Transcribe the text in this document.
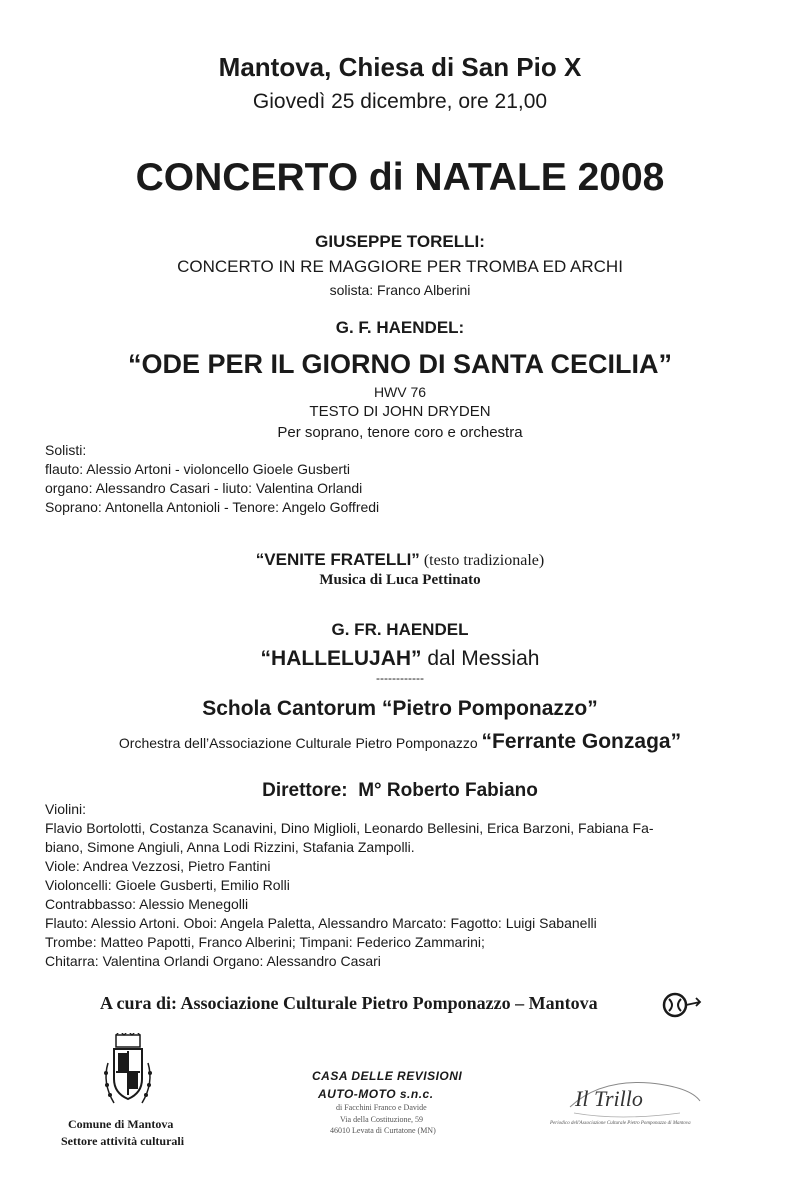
Mantova, Chiesa di San Pio X
Giovedì 25 dicembre, ore 21,00
CONCERTO di NATALE 2008
GIUSEPPE TORELLI:
CONCERTO IN RE MAGGIORE PER TROMBA ED ARCHI
solista: Franco Alberini
G. F. HAENDEL:
“ODE PER IL GIORNO DI SANTA CECILIA”
HWV 76
TESTO DI JOHN DRYDEN
Per soprano, tenore coro e orchestra
Solisti:
flauto: Alessio Artoni - violoncello Gioele Gusberti
organo: Alessandro Casari - liuto: Valentina Orlandi
Soprano: Antonella Antonioli - Tenore: Angelo Goffredi
“VENITE FRATELLI” (testo tradizionale)
Musica di Luca Pettinato
G. FR. HAENDEL
“HALLELUJAH” dal Messiah
------------
Schola Cantorum “Pietro Pomponazzo”
Orchestra dell’Associazione Culturale Pietro Pomponazzo “Ferrante Gonzaga”
Direttore: M° Roberto Fabiano
Violini:
Flavio Bortolotti, Costanza Scanavini, Dino Miglioli, Leonardo Bellesini, Erica Barzoni, Fabiana Fa-
biano, Simone Angiuli, Anna Lodi Rizzini, Stafania Zampolli.
Viole: Andrea Vezzosi, Pietro Fantini
Violoncelli: Gioele Gusberti, Emilio Rolli
Contrabbasso: Alessio Menegolli
Flauto: Alessio Artoni. Oboi: Angela Paletta, Alessandro Marcato: Fagotto: Luigi Sabanelli
Trombe: Matteo Papotti, Franco Alberini; Timpani: Federico Zammarini;
Chitarra: Valentina Orlandi Organo: Alessandro Casari
A cura di: Associazione Culturale Pietro Pomponazzo – Mantova
Comune di Mantova
Settore attività culturali
CASA DELLE REVISIONI
AUTO-MOTO s.n.c.
di Facchini Franco e Davide
Via della Costituzione, 59
46010 Levata di Curtatone (MN)
Il Trillo
Periodico dell'Associazione Culturale Pietro Pomponazzo di Mantova
